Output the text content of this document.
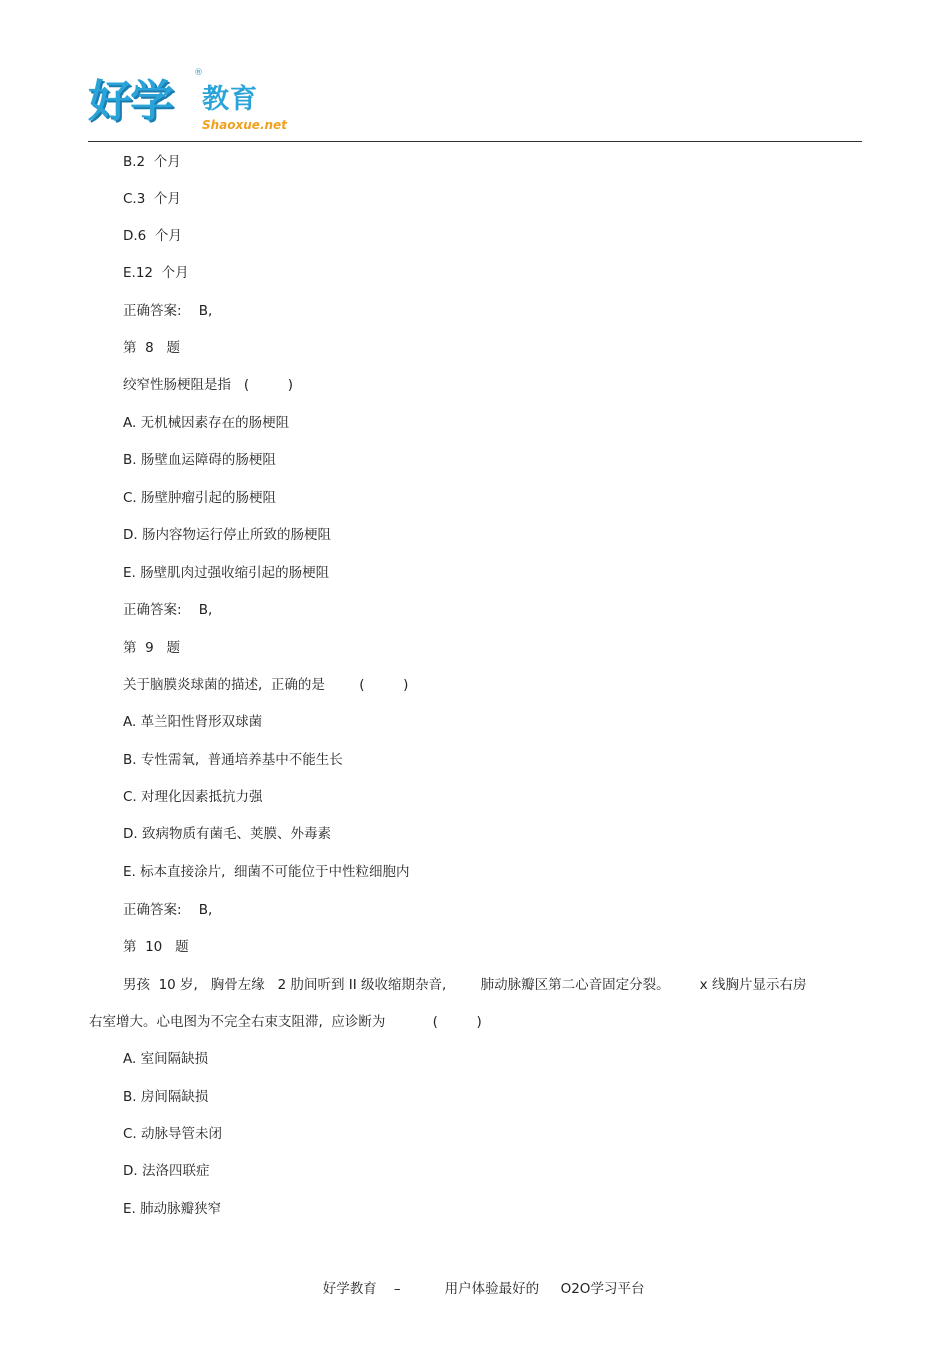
好学
®
教育
Shaoxue.net
B.2  个月
C.3  个月
D.6  个月
E.12  个月
正确答案:    B,
第  8   题
绞窄性肠梗阻是指   (         )
A. 无机械因素存在的肠梗阻
B. 肠壁血运障碍的肠梗阻
C. 肠壁肿瘤引起的肠梗阻
D. 肠内容物运行停止所致的肠梗阻
E. 肠壁肌肉过强收缩引起的肠梗阻
正确答案:    B,
第  9   题
关于脑膜炎球菌的描述,  正确的是        (         )
A. 革兰阳性肾形双球菌
B. 专性需氧,  普通培养基中不能生长
C. 对理化因素抵抗力强
D. 致病物质有菌毛、荚膜、外毒素
E. 标本直接涂片,  细菌不可能位于中性粒细胞内
正确答案:    B,
第  10   题
男孩  10 岁,   胸骨左缘   2 肋间听到 II 级收缩期杂音,        肺动脉瓣区第二心音固定分裂。       x 线胸片显示右房
右室增大。心电图为不完全右束支阻滞,  应诊断为           (         )
A. 室间隔缺损
B. 房间隔缺损
C. 动脉导管未闭
D. 法洛四联症
E. 肺动脉瓣狭窄

好学教育    –	用户体验最好的     O2O学习平台
